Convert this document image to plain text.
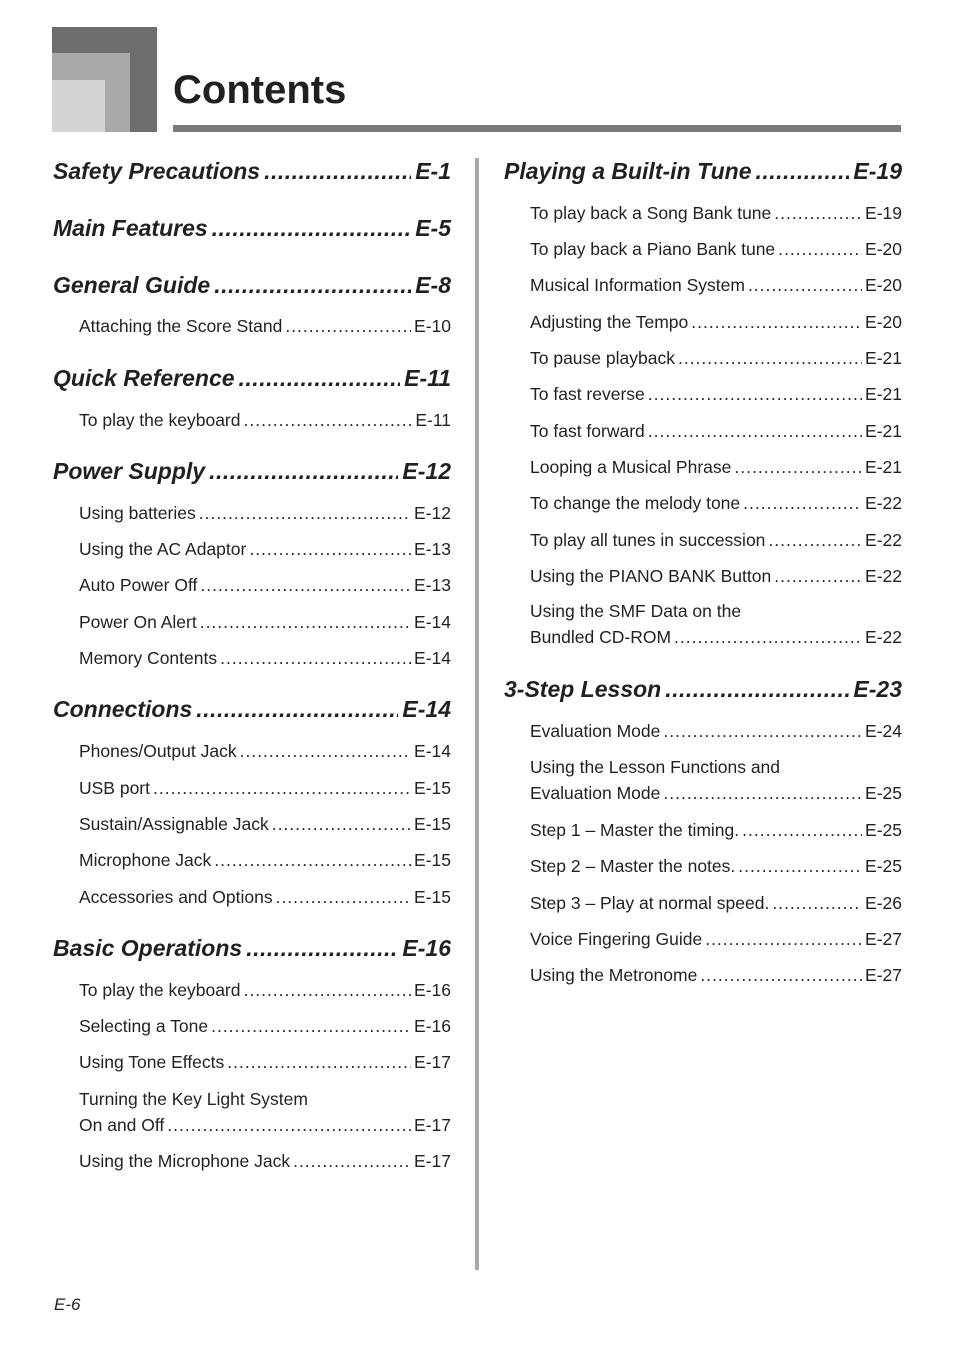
Contents
Safety Precautions .....	E-1
Main Features .....	E-5
General Guide .....	E-8
Attaching the Score Stand .....	E-10
Quick Reference .....	E-11
To play the keyboard .....	E-11
Power Supply .....	E-12
Using batteries .....	E-12
Using the AC Adaptor .....	E-13
Auto Power Off .....	E-13
Power On Alert .....	E-14
Memory Contents .....	E-14
Connections .....	E-14
Phones/Output Jack .....	E-14
USB port .....	E-15
Sustain/Assignable Jack .....	E-15
Microphone Jack .....	E-15
Accessories and Options .....	E-15
Basic Operations .....	E-16
To play the keyboard .....	E-16
Selecting a Tone .....	E-16
Using Tone Effects .....	E-17
Turning the Key Light System
On and Off .....	E-17
Using the Microphone Jack .....	E-17
Playing a Built-in Tune .....	E-19
To play back a Song Bank tune .....	E-19
To play back a Piano Bank tune .....	E-20
Musical Information System .....	E-20
Adjusting the Tempo .....	E-20
To pause playback .....	E-21
To fast reverse .....	E-21
To fast forward .....	E-21
Looping a Musical Phrase .....	E-21
To change the melody tone .....	E-22
To play all tunes in succession .....	E-22
Using the PIANO BANK Button .....	E-22
Using the SMF Data on the
Bundled CD-ROM .....	E-22
3-Step Lesson .....	E-23
Evaluation Mode .....	E-24
Using the Lesson Functions and
Evaluation Mode .....	E-25
Step 1 – Master the timing. .....	E-25
Step 2 – Master the notes. .....	E-25
Step 3 – Play at normal speed. .....	E-26
Voice Fingering Guide .....	E-27
Using the Metronome .....	E-27
E-6
